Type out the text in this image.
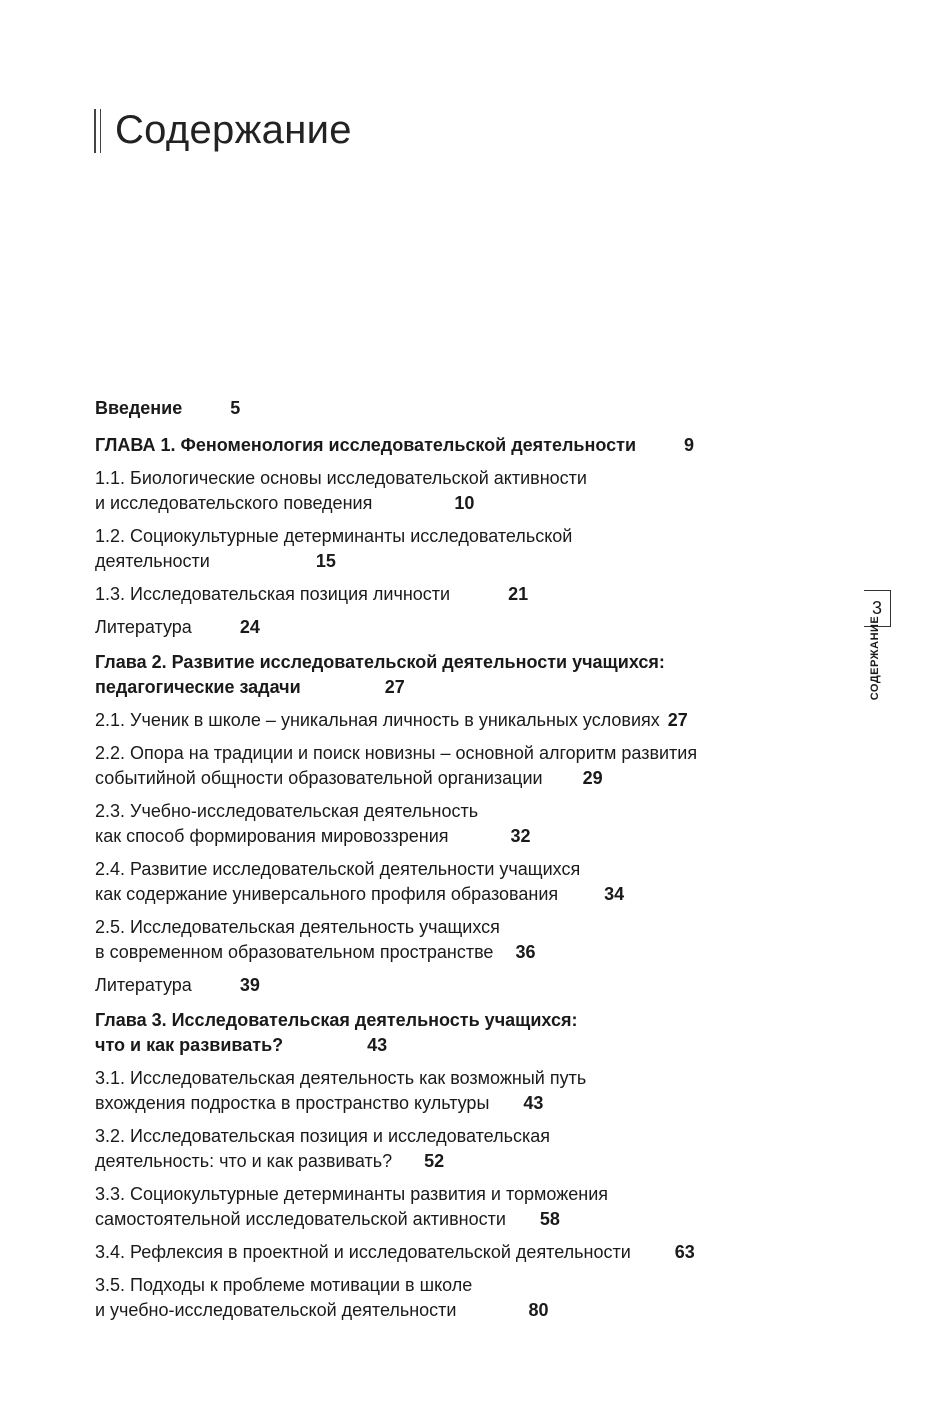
Содержание
Введение	5
ГЛАВА 1. Феноменология исследовательской деятельности	9
1.1. Биологические основы исследовательской активности
и исследовательского поведения	10
1.2. Социокультурные детерминанты исследовательской
деятельности	15
1.3. Исследовательская позиция личности	21
Литература	24
Глава 2. Развитие исследовательской деятельности учащихся:
педагогические задачи	27
2.1. Ученик в школе – уникальная личность в уникальных условиях 27
2.2. Опора на традиции и поиск новизны – основной алгоритм развития
событийной общности образовательной организации 29
2.3. Учебно-исследовательская деятельность
как способ формирования мировоззрения	32
2.4. Развитие исследовательской деятельности учащихся
как содержание универсального профиля образования	34
2.5. Исследовательская деятельность учащихся
в современном образовательном пространстве 36
Литература	39
Глава 3. Исследовательская деятельность учащихся:
что и как развивать?	43
3.1. Исследовательская деятельность как возможный путь
вхождения подростка в пространство культуры 43
3.2. Исследовательская позиция и исследовательская
деятельность: что и как развивать? 52
3.3. Социокультурные детерминанты развития и торможения
самостоятельной исследовательской активности 58
3.4. Рефлексия в проектной и исследовательской деятельности 63
3.5. Подходы к проблеме мотивации в школе
и учебно-исследовательской деятельности	80
3
СОДЕРЖАНИЕ
